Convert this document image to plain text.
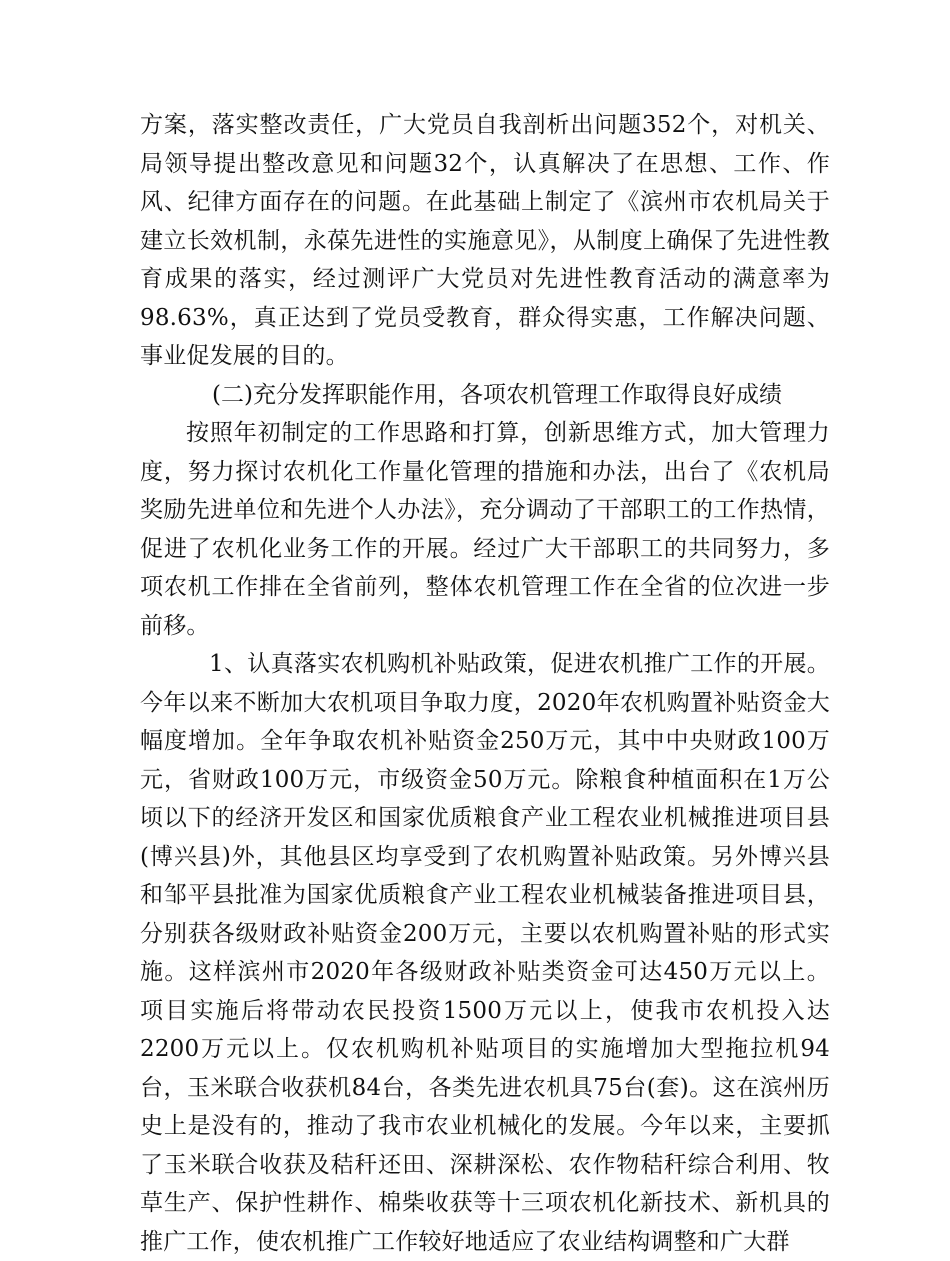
方案，落实整改责任，广大党员自我剖析出问题352个，对机关、局领导提出整改意见和问题32个，认真解决了在思想、工作、作风、纪律方面存在的问题。在此基础上制定了《滨州市农机局关于建立长效机制，永葆先进性的实施意见》，从制度上确保了先进性教育成果的落实，经过测评广大党员对先进性教育活动的满意率为98.63%，真正达到了党员受教育，群众得实惠，工作解决问题、事业促发展的目的。

(二)充分发挥职能作用，各项农机管理工作取得良好成绩

按照年初制定的工作思路和打算，创新思维方式，加大管理力度，努力探讨农机化工作量化管理的措施和办法，出台了《农机局奖励先进单位和先进个人办法》，充分调动了干部职工的工作热情，促进了农机化业务工作的开展。经过广大干部职工的共同努力，多项农机工作排在全省前列，整体农机管理工作在全省的位次进一步前移。

1、认真落实农机购机补贴政策，促进农机推广工作的开展。今年以来不断加大农机项目争取力度，2020年农机购置补贴资金大幅度增加。全年争取农机补贴资金250万元，其中中央财政100万元，省财政100万元，市级资金50万元。除粮食种植面积在1万公顷以下的经济开发区和国家优质粮食产业工程农业机械推进项目县(博兴县)外，其他县区均享受到了农机购置补贴政策。另外博兴县和邹平县批准为国家优质粮食产业工程农业机械装备推进项目县，分别获各级财政补贴资金200万元，主要以农机购置补贴的形式实施。这样滨州市2020年各级财政补贴类资金可达450万元以上。 项目实施后将带动农民投资1500万元以上，使我市农机投入达2200万元以上。仅农机购机补贴项目的实施增加大型拖拉机94台，玉米联合收获机84台，各类先进农机具75台(套)。这在滨州历史上是没有的，推动了我市农业机械化的发展。今年以来，主要抓了玉米联合收获及秸秆还田、深耕深松、农作物秸秆综合利用、牧草生产、保护性耕作、棉柴收获等十三项农机化新技术、新机具的推广工作，使农机推广工作较好地适应了农业结构调整和广大群
